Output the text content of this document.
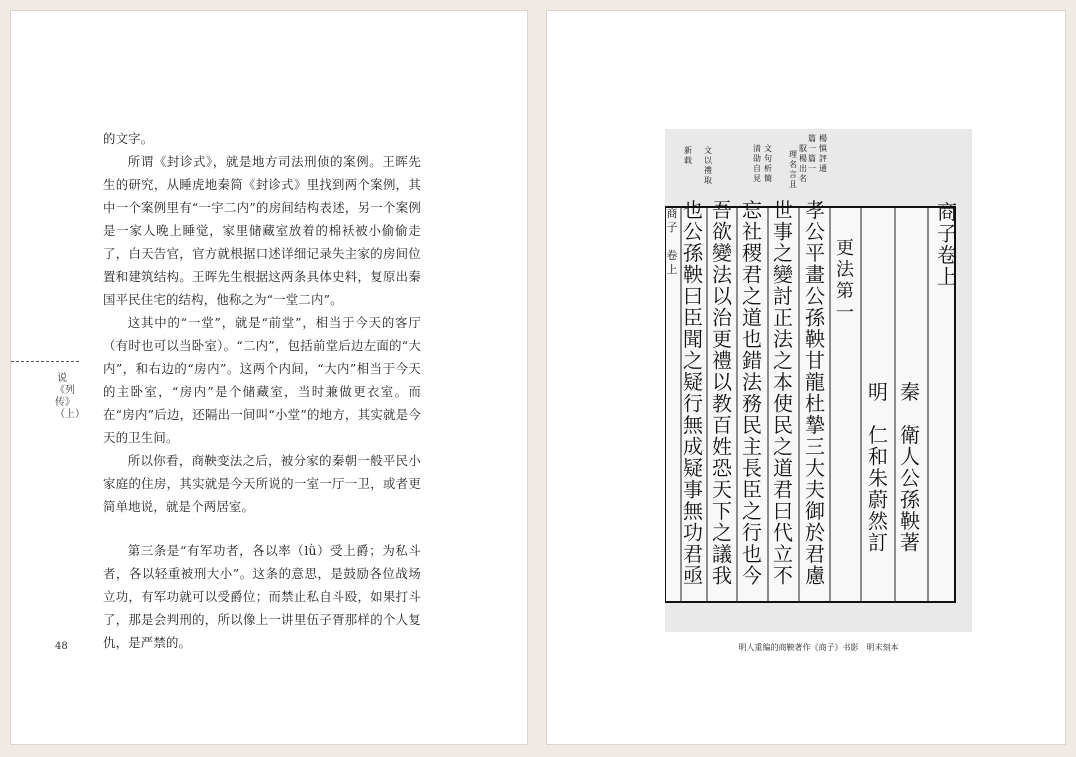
的文字。

所谓《封诊式》，就是地方司法刑侦的案例。王晖先生的研究，从睡虎地秦简《封诊式》里找到两个案例，其中一个案例里有“一宇二内”的房间结构表述，另一个案例是一家人晚上睡觉，家里储藏室放着的棉袄被小偷偷走了，白天告官，官方就根据口述详细记录失主家的房间位置和建筑结构。王晖先生根据这两条具体史料，复原出秦国平民住宅的结构，他称之为“一堂二内”。

这其中的“一堂”，就是“前堂”，相当于今天的客厅（有时也可以当卧室）。“二内”，包括前堂后边左面的“大内”，和右边的“房内”。这两个内间，“大内”相当于今天的主卧室，“房内”是个储藏室，当时兼做更衣室。而在“房内”后边，还隔出一间叫“小堂”的地方，其实就是今天的卫生间。

所以你看，商鞅变法之后，被分家的秦朝一般平民小家庭的住房，其实就是今天所说的一室一厅一卫，或者更简单地说，就是个两居室。

第三条是“有军功者，各以率（lǜ）受上爵；为私斗者，各以轻重被刑大小”。这条的意思，是鼓励各位战场立功，有军功就可以受爵位；而禁止私自斗殴，如果打斗了，那是会判刑的，所以像上一讲里伍子胥那样的个人复仇，是严禁的。

说《列传》（上）
48
商
子
卷
上
秦
衛
人
公
孫
鞅
著
明
仁
和
朱
蔚
然
訂
更
法
第
一
孝
公
平
畫
公
孫
鞅
甘
龍
杜
摯
三
大
夫
御
於
君
慮
世
事
之
變
討
正
法
之
本
使
民
之
道
君
曰
代
立
不
忘
社
稷
君
之
道
也
錯
法
務
民
主
長
臣
之
行
也
今
吾
欲
變
法
以
治
更
禮
以
教
百
姓
恐
天
下
之
議
我
也
公
孫
鞅
曰
臣
聞
之
疑
行
無
成
疑
事
無
功
君
亟
商
子
卷
上
楊
慎
評
通
篇
一
篇
一
馭
楊
出
名
理
名
言
且
文
句
析
簡
清
劭
自
見
文
以
禮
取
新
载
明人重编的商鞅著作《商子》书影　明末刻本
